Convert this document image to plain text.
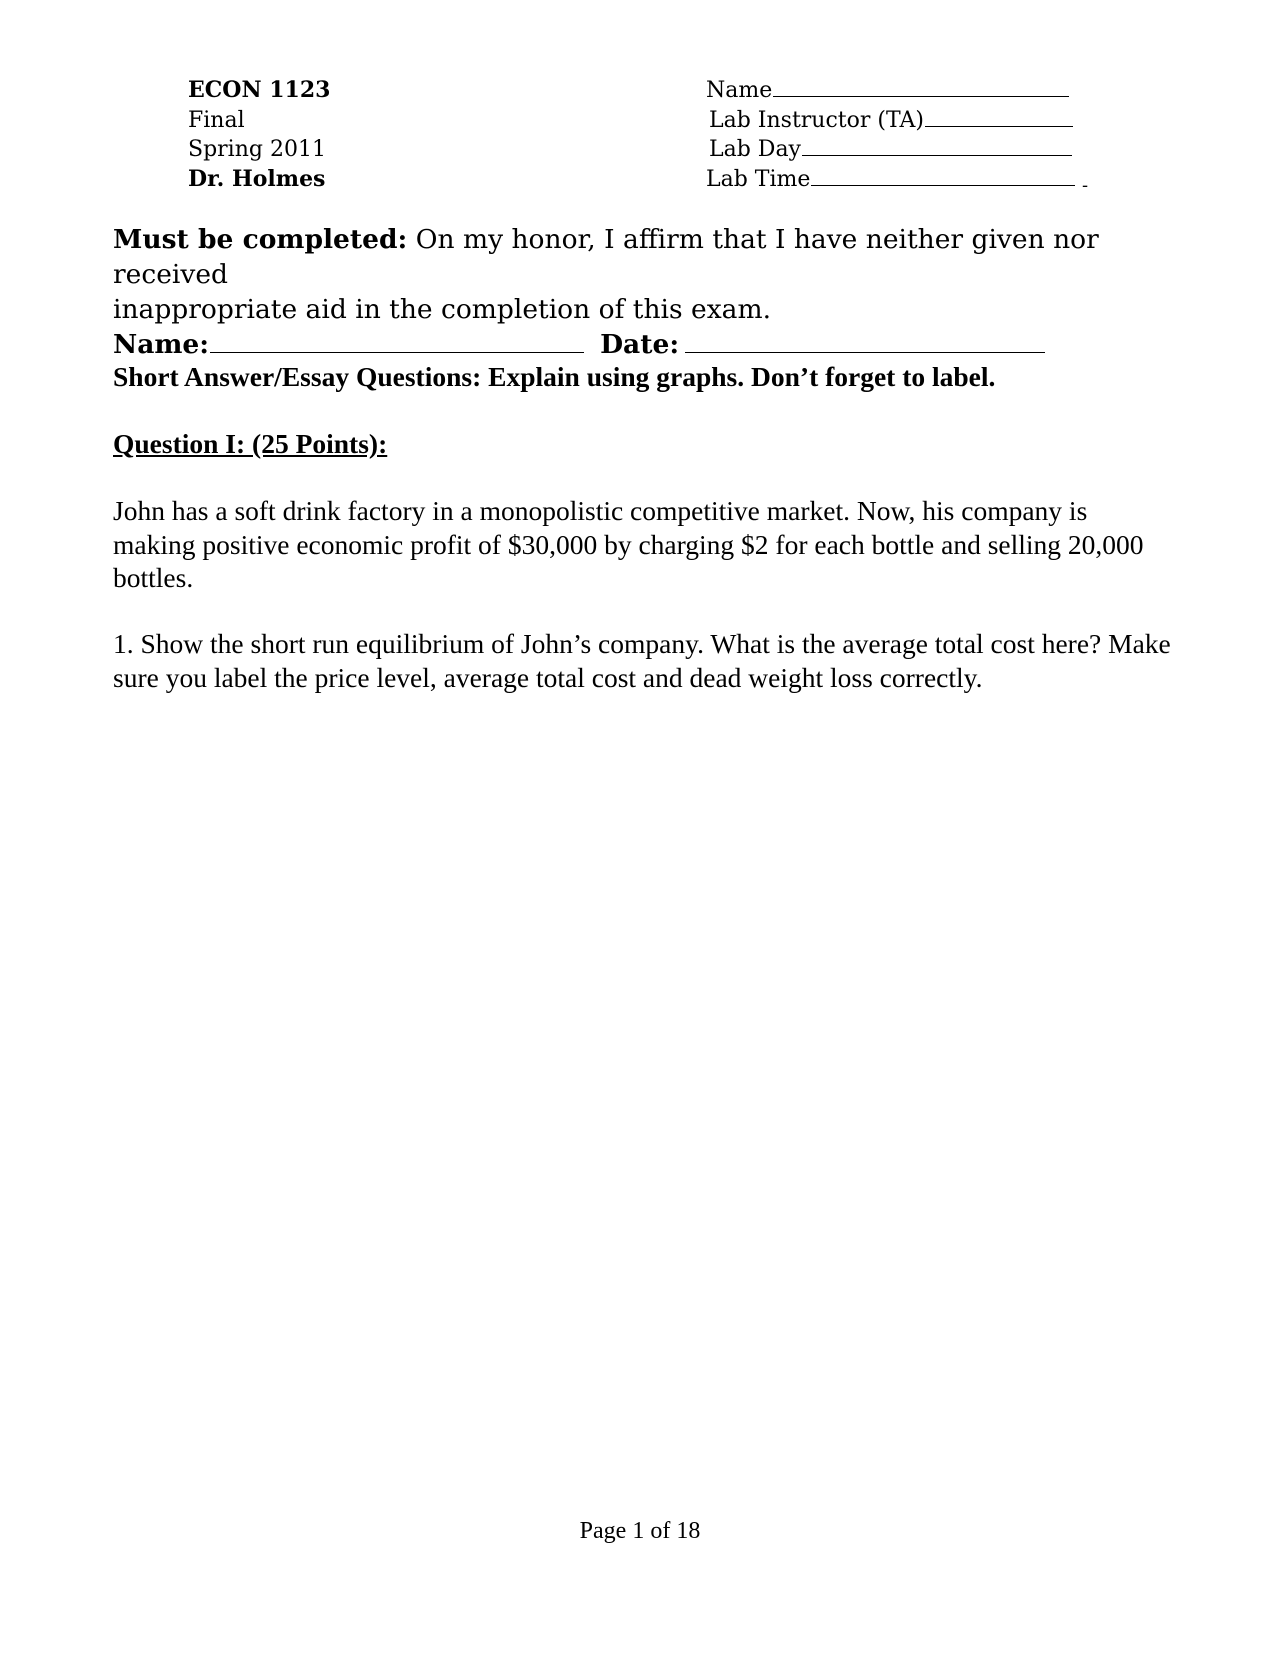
ECON 1123
Final
Spring 2011
Dr. Holmes
Name
Lab Instructor (TA)
Lab Day
Lab Time	-

Must be completed: On my honor, I affirm that I have neither given nor received

inappropriate aid in the completion of this exam.

Name:	Date:
Short Answer/Essay Questions: Explain using graphs. Don’t forget to label.
Question I: (25 Points):
John has a soft drink factory in a monopolistic competitive market. Now, his company is making positive economic profit of $30,000 by charging $2 for each bottle and selling 20,000 bottles.
1. Show the short run equilibrium of John’s company. What is the average total cost here? Make sure you label the price level, average total cost and dead weight loss correctly.
Page 1 of 18
